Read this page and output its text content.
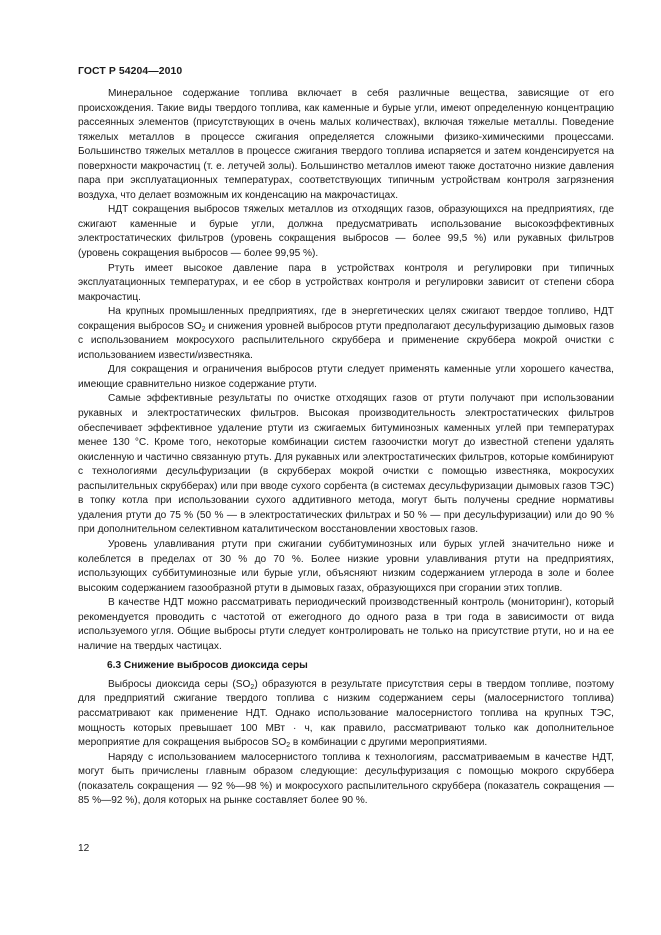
ГОСТ Р 54204—2010

Минеральное содержание топлива включает в себя различные вещества, зависящие от его происхождения. Такие виды твердого топлива, как каменные и бурые угли, имеют определенную концентрацию рассеянных элементов (присутствующих в очень малых количествах), включая тяжелые металлы. Поведение тяжелых металлов в процессе сжигания определяется сложными физико-химическими процессами. Большинство тяжелых металлов в процессе сжигания твердого топлива испаряется и затем конденсируется на поверхности макрочастиц (т. е. летучей золы). Большинство металлов имеют также достаточно низкие давления пара при эксплуатационных температурах, соответствующих типичным устройствам контроля загрязнения воздуха, что делает возможным их конденсацию на макрочастицах.

НДТ сокращения выбросов тяжелых металлов из отходящих газов, образующихся на предприятиях, где сжигают каменные и бурые угли, должна предусматривать использование высокоэффективных электростатических фильтров (уровень сокращения выбросов — более 99,5 %) или рукавных фильтров (уровень сокращения выбросов — более 99,95 %).

Ртуть имеет высокое давление пара в устройствах контроля и регулировки при типичных эксплуатационных температурах, и ее сбор в устройствах контроля и регулировки зависит от степени сбора макрочастиц.

На крупных промышленных предприятиях, где в энергетических целях сжигают твердое топливо, НДТ сокращения выбросов $SO_2$ и снижения уровней выбросов ртути предполагают десульфуризацию дымовых газов с использованием мокросухого распылительного скруббера и применение скруббера мокрой очистки с использованием извести/известняка.

Для сокращения и ограничения выбросов ртути следует применять каменные угли хорошего качества, имеющие сравнительно низкое содержание ртути.

Самые эффективные результаты по очистке отходящих газов от ртути получают при использовании рукавных и электростатических фильтров. Высокая производительность электростатических фильтров обеспечивает эффективное удаление ртути из сжигаемых битуминозных каменных углей при температурах менее 130 °С. Кроме того, некоторые комбинации систем газоочистки могут до известной степени удалять окисленную и частично связанную ртуть. Для рукавных или электростатических фильтров, которые комбинируют с технологиями десульфуризации (в скрубберах мокрой очистки с помощью известняка, мокросухих распылительных скрубберах) или при вводе сухого сорбента (в системах десульфуризации дымовых газов ТЭС) в топку котла при использовании сухого аддитивного метода, могут быть получены средние нормативы удаления ртути до 75 % (50 % — в электростатических фильтрах и 50 % — при десульфуризации) или до 90 % при дополнительном селективном каталитическом восстановлении хвостовых газов.

Уровень улавливания ртути при сжигании суббитуминозных или бурых углей значительно ниже и колеблется в пределах от 30 % до 70 %. Более низкие уровни улавливания ртути на предприятиях, использующих суббитуминозные или бурые угли, объясняют низким содержанием углерода в золе и более высоким содержанием газообразной ртути в дымовых газах, образующихся при сгорании этих топлив.

В качестве НДТ можно рассматривать периодический производственный контроль (мониторинг), который рекомендуется проводить с частотой от ежегодного до одного раза в три года в зависимости от вида используемого угля. Общие выбросы ртути следует контролировать не только на присутствие ртути, но и на ее наличие на твердых частицах.

6.3 Снижение выбросов диоксида серы

Выбросы диоксида серы $(SO_2)$ образуются в результате присутствия серы в твердом топливе, поэтому для предприятий сжигание твердого топлива с низким содержанием серы (малосернистого топлива) рассматривают как применение НДТ. Однако использование малосернистого топлива на крупных ТЭС, мощность которых превышает 100 МВт · ч, как правило, рассматривают только как дополнительное мероприятие для сокращения выбросов $SO_2$ в комбинации с другими мероприятиями.

Наряду с использованием малосернистого топлива к технологиям, рассматриваемым в качестве НДТ, могут быть причислены главным образом следующие: десульфуризация с помощью мокрого скруббера (показатель сокращения — 92 %—98 %) и мокросухого распылительного скруббера (показатель сокращения — 85 %—92 %), доля которых на рынке составляет более 90 %.

12
